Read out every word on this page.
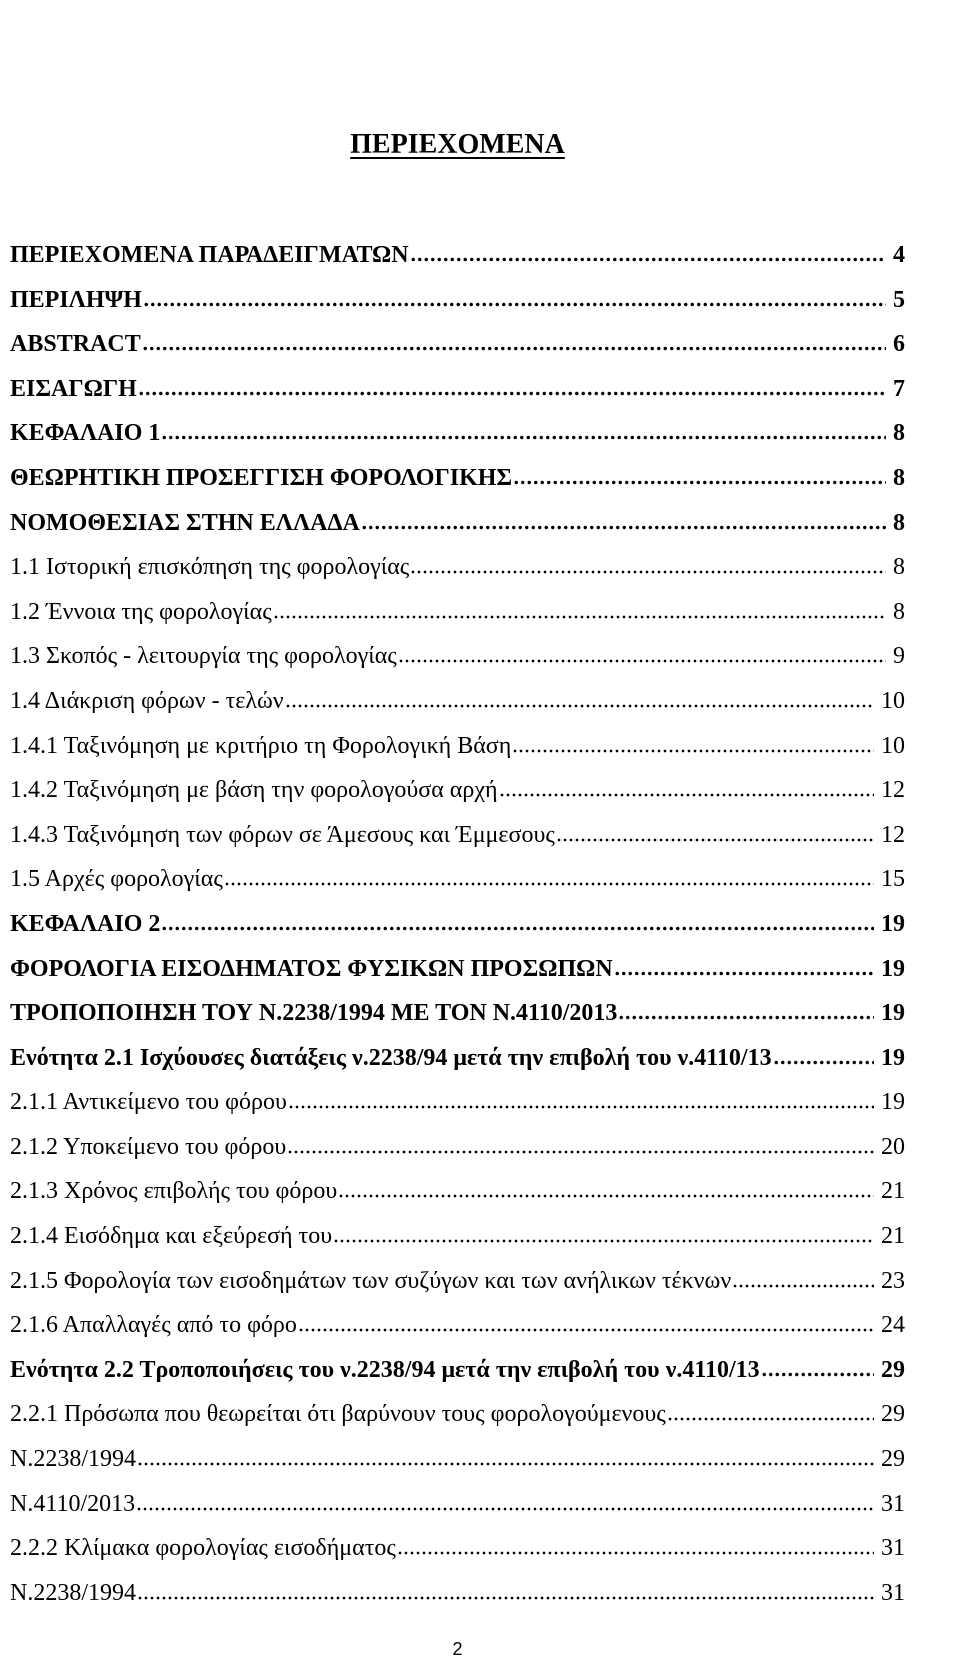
ΠΕΡΙΕΧΟΜΕΝΑ
ΠΕΡΙΕΧΟΜΕΝΑ ΠΑΡΑΔΕΙΓΜΑΤΩΝ	4
ΠΕΡΙΛΗΨΗ	5
ABSTRACT	6
ΕΙΣΑΓΩΓΗ	7
ΚΕΦΑΛΑΙΟ 1	8
ΘΕΩΡΗΤΙΚΗ ΠΡΟΣΕΓΓΙΣΗ ΦΟΡΟΛΟΓΙΚΗΣ	8
ΝΟΜΟΘΕΣΙΑΣ ΣΤΗΝ ΕΛΛΑΔΑ	8
1.1 Ιστορική επισκόπηση της φορολογίας	8
1.2 Έννοια της φορολογίας	8
1.3 Σκοπός - λειτουργία της φορολογίας	9
1.4 Διάκριση φόρων - τελών	10
1.4.1 Ταξινόμηση με κριτήριο τη Φορολογική Βάση	10
1.4.2 Ταξινόμηση με βάση την φορολογούσα αρχή	12
1.4.3 Ταξινόμηση των φόρων σε Άμεσους και Έμμεσους	12
1.5 Αρχές φορολογίας	15
ΚΕΦΑΛΑΙΟ 2	19
ΦΟΡΟΛΟΓΙΑ ΕΙΣΟΔΗΜΑΤΟΣ ΦΥΣΙΚΩΝ ΠΡΟΣΩΠΩΝ	19
ΤΡΟΠΟΠΟΙΗΣΗ ΤΟΥ Ν.2238/1994 ΜΕ ΤΟΝ Ν.4110/2013	19
Ενότητα 2.1 Ισχύουσες διατάξεις ν.2238/94 μετά την επιβολή του ν.4110/13	19
2.1.1 Αντικείμενο του φόρου	19
2.1.2 Υποκείμενο του φόρου	20
2.1.3 Χρόνος επιβολής του φόρου	21
2.1.4 Εισόδημα και εξεύρεσή του	21
2.1.5 Φορολογία των εισοδημάτων των συζύγων και των ανήλικων τέκνων	23
2.1.6 Απαλλαγές από το φόρο	24
Ενότητα 2.2 Τροποποιήσεις του ν.2238/94 μετά την επιβολή του ν.4110/13	29
2.2.1 Πρόσωπα που θεωρείται ότι βαρύνουν τους φορολογούμενους	29
Ν.2238/1994	29
Ν.4110/2013	31
2.2.2 Κλίμακα φορολογίας εισοδήματος	31
Ν.2238/1994	31
2
